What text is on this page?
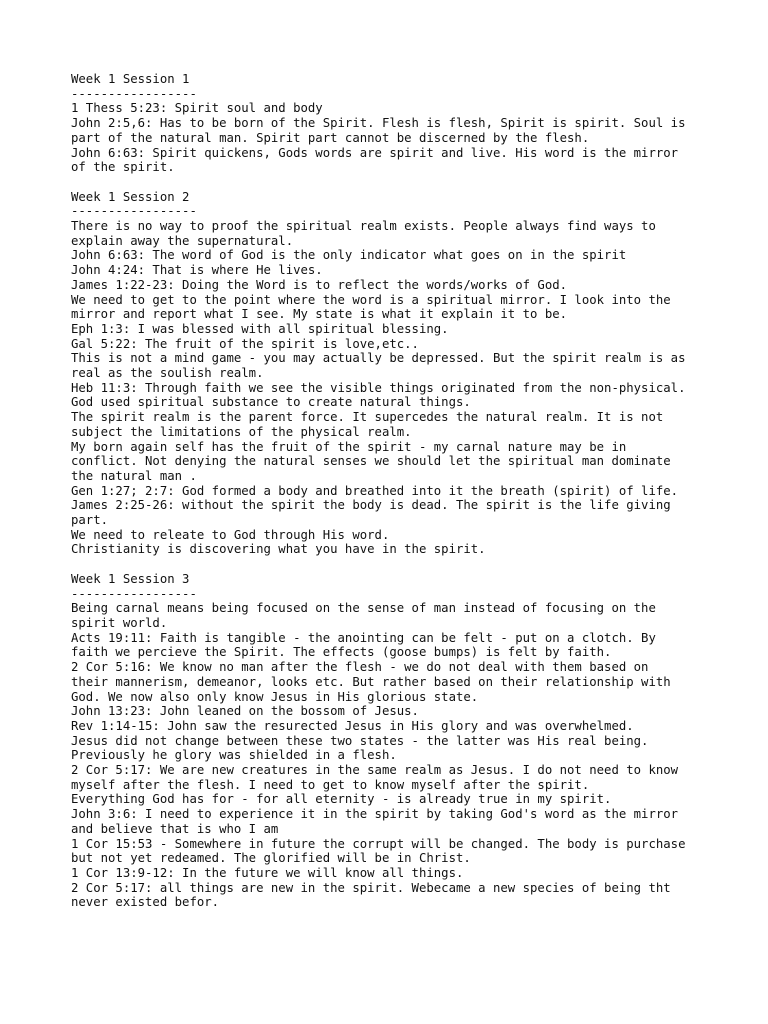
Week 1 Session 1
-----------------
1 Thess 5:23: Spirit soul and body
John 2:5,6: Has to be born of the Spirit. Flesh is flesh, Spirit is spirit. Soul is
part of the natural man. Spirit part cannot be discerned by the flesh.
John 6:63: Spirit quickens, Gods words are spirit and live. His word is the mirror
of the spirit.
Week 1 Session 2
-----------------
There is no way to proof the spiritual realm exists. People always find ways to
explain away the supernatural.
John 6:63: The word of God is the only indicator what goes on in the spirit
John 4:24: That is where He lives.
James 1:22-23: Doing the Word is to reflect the words/works of God.
We need to get to the point where the word is a spiritual mirror. I look into the
mirror and report what I see. My state is what it explain it to be.
Eph 1:3: I was blessed with all spiritual blessing.
Gal 5:22: The fruit of the spirit is love,etc..
This is not a mind game - you may actually be depressed. But the spirit realm is as
real as the soulish realm.
Heb 11:3: Through faith we see the visible things originated from the non-physical.
God used spiritual substance to create natural things.
The spirit realm is the parent force. It supercedes the natural realm. It is not
subject the limitations of the physical realm.
My born again self has the fruit of the spirit - my carnal nature may be in
conflict. Not denying the natural senses we should let the spiritual man dominate
the natural man .
Gen 1:27; 2:7: God formed a body and breathed into it the breath (spirit) of life.
James 2:25-26: without the spirit the body is dead. The spirit is the life giving
part.
We need to releate to God through His word.
Christianity is discovering what you have in the spirit.
Week 1 Session 3
-----------------
Being carnal means being focused on the sense of man instead of focusing on the
spirit world.
Acts 19:11: Faith is tangible - the anointing can be felt - put on a clotch. By
faith we percieve the Spirit. The effects (goose bumps) is felt by faith.
2 Cor 5:16: We know no man after the flesh - we do not deal with them based on
their mannerism, demeanor, looks etc. But rather based on their relationship with
God. We now also only know Jesus in His glorious state.
John 13:23: John leaned on the bossom of Jesus.
Rev 1:14-15: John saw the resurected Jesus in His glory and was overwhelmed.
Jesus did not change between these two states - the latter was His real being.
Previously he glory was shielded in a flesh.
2 Cor 5:17: We are new creatures in the same realm as Jesus. I do not need to know
myself after the flesh. I need to get to know myself after the spirit.
Everything God has for - for all eternity - is already true in my spirit.
John 3:6: I need to experience it in the spirit by taking God's word as the mirror
and believe that is who I am
1 Cor 15:53 - Somewhere in future the corrupt will be changed. The body is purchase
but not yet redeamed. The glorified will be in Christ.
1 Cor 13:9-12: In the future we will know all things.
2 Cor 5:17: all things are new in the spirit. Webecame a new species of being tht
never existed befor.
